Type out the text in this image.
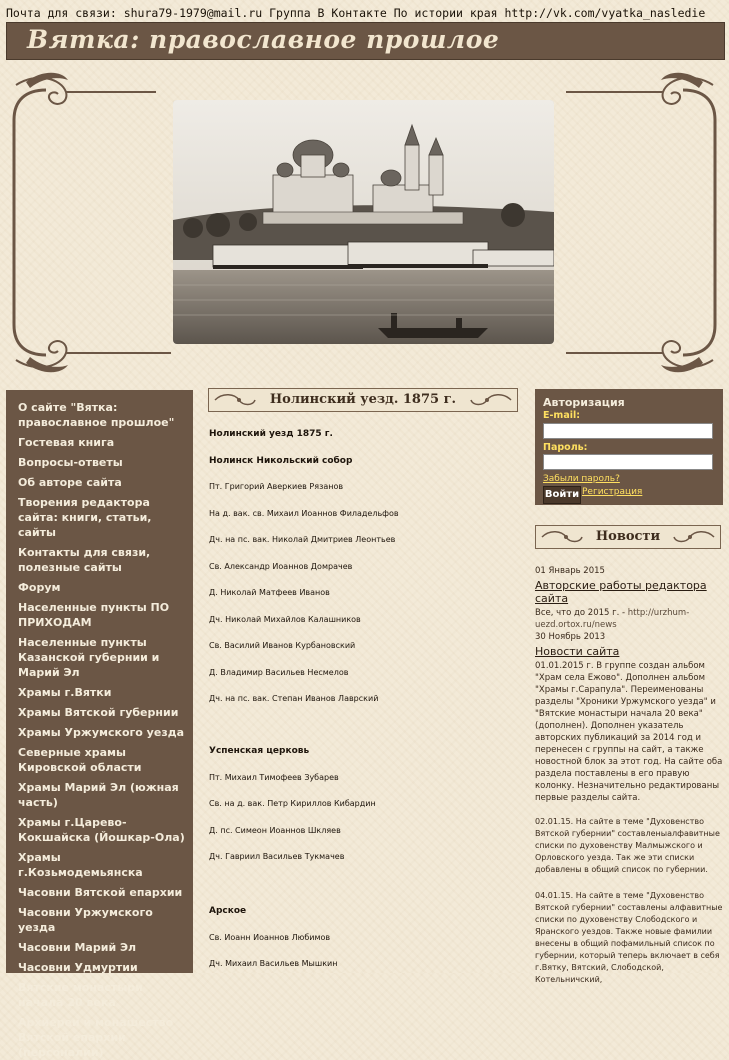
Почта для связи: shura79-1979@mail.ru Группа В Контакте По истории края http://vk.com/vyatka_nasledie
Вятка: православное прошлое
О сайте "Вятка: православное прошлое"
Гостевая книга
Вопросы-ответы
Об авторе сайта
Творения редактора сайта: книги, статьи, сайты
Контакты для связи, полезные сайты
Форум
Населенные пункты ПО ПРИХОДАМ
Населенные пункты Казанской губернии и Марий Эл
Храмы г.Вятки
Храмы Вятской губернии
Храмы Уржумского уезда
Северные храмы Кировской области
Храмы Марий Эл (южная часть)
Храмы г.Царево-Кокшайска (Йошкар-Ола)
Храмы г.Козьмодемьянска
Часовни Вятской епархии
Часовни Уржумского уезда
Часовни Марий Эл
Часовни Удмуртии
Вятские монастыри начала 20 века
Архиереи и монашество Вятской епархии (персоналии)
Нолинский уезд. 1875 г.
Нолинский уезд 1875 г.
Нолинск Никольский собор
Пт. Григорий Аверкиев Рязанов
На д. вак. св. Михаил Иоаннов Филадельфов
Дч. на пс. вак. Николай Дмитриев Леонтьев
Св. Александр Иоаннов Домрачев
Д. Николай Матфеев Иванов
Дч. Николай Михайлов Калашников
Св. Василий Иванов Курбановский
Д. Владимир Васильев Несмелов
Дч. на пс. вак. Степан Иванов Лаврский
Успенская церковь
Пт. Михаил Тимофеев Зубарев
Св. на д. вак. Петр Кириллов Кибардин
Д. пс. Симеон Иоаннов Шкляев
Дч. Гавриил Васильев Тукмачев
Арское
Св. Иоанн Иоаннов Любимов
Дч. Михаил Васильев Мышкин
Авторизация
E-mail:
Пароль:
Забыли пароль?
Войти Регистрация
Новости
01 Январь 2015
Авторские работы редактора сайта
Все, что до 2015 г. - http://urzhum-uezd.ortox.ru/news
30 Ноябрь 2013
Новости сайта
01.01.2015 г. В группе создан альбом "Храм села Ежово". Дополнен альбом "Храмы г.Сарапула". Переименованы разделы "Хроники Уржумского уезда" и "Вятские монастыри начала 20 века" (дополнен). Дополнен указатель авторских публикаций за 2014 год и перенесен с группы на сайт, а также новостной блок за этот год. На сайте оба раздела поставлены в его правую колонку. Незначительно редактированы первые разделы сайта.
02.01.15. На сайте в теме "Духовенство Вятской губернии" составленыалфавитные списки по духовенству Малмыжского и Орловского уезда. Так же эти списки добавлены в общий список по губернии.
04.01.15. На сайте в теме "Духовенство Вятской губернии" составлены алфавитные списки по духовенству Слободского и Яранского уездов. Также новые фамилии внесены в общий пофамильный список по губернии, который теперь включает в себя г.Вятку, Вятский, Слободской, Котельничский,
